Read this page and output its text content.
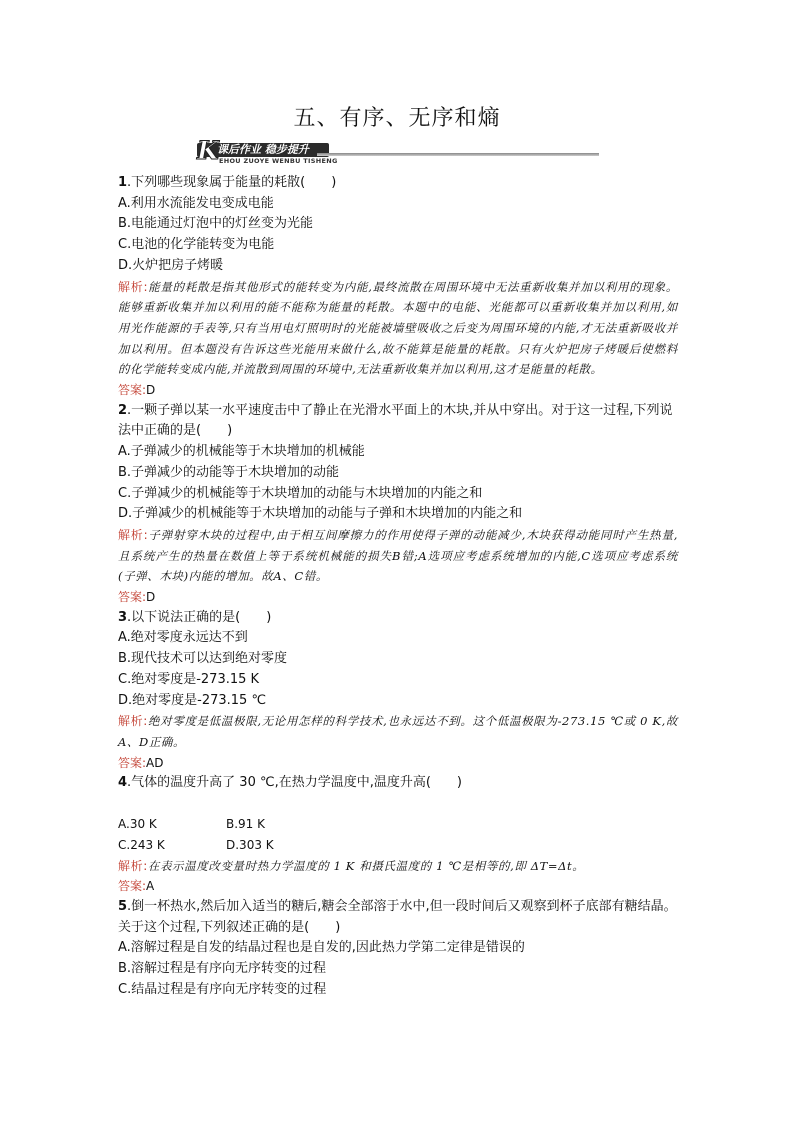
五、有序、无序和熵
K
课后作业 稳步提升
EHOU ZUOYE WENBU TISHENG

1.下列哪些现象属于能量的耗散(　　)

A.利用水流能发电变成电能

B.电能通过灯泡中的灯丝变为光能

C.电池的化学能转变为电能

D.火炉把房子烤暖

解析:能量的耗散是指其他形式的能转变为内能,最终流散在周围环境中无法重新收集并加以利用的现象。能够重新收集并加以利用的能不能称为能量的耗散。本题中的电能、光能都可以重新收集并加以利用,如用光作能源的手表等,只有当用电灯照明时的光能被墙壁吸收之后变为周围环境的内能,才无法重新吸收并加以利用。但本题没有告诉这些光能用来做什么,故不能算是能量的耗散。只有火炉把房子烤暖后使燃料的化学能转变成内能,并流散到周围的环境中,无法重新收集并加以利用,这才是能量的耗散。

答案:D

2.一颗子弹以某一水平速度击中了静止在光滑水平面上的木块,并从中穿出。对于这一过程,下列说法中正确的是(　　)

A.子弹减少的机械能等于木块增加的机械能

B.子弹减少的动能等于木块增加的动能

C.子弹减少的机械能等于木块增加的动能与木块增加的内能之和

D.子弹减少的机械能等于木块增加的动能与子弹和木块增加的内能之和

解析:子弹射穿木块的过程中,由于相互间摩擦力的作用使得子弹的动能减少,木块获得动能同时产生热量,且系统产生的热量在数值上等于系统机械能的损失B错;A选项应考虑系统增加的内能,C选项应考虑系统(子弹、木块)内能的增加。故A、C错。

答案:D

3.以下说法正确的是(　　)

A.绝对零度永远达不到

B.现代技术可以达到绝对零度

C.绝对零度是-273.15 K

D.绝对零度是-273.15 ℃

解析:绝对零度是低温极限,无论用怎样的科学技术,也永远达不到。这个低温极限为-273.15 ℃或 0 K,故A、D正确。

答案:AD

4.气体的温度升高了 30 ℃,在热力学温度中,温度升高(　　)

A.30 K	B.91 K
C.243 K	D.303 K

解析:在表示温度改变量时热力学温度的 1 K 和摄氏温度的 1 ℃是相等的,即 ΔT=Δt。

答案:A

5.倒一杯热水,然后加入适当的糖后,糖会全部溶于水中,但一段时间后又观察到杯子底部有糖结晶。关于这个过程,下列叙述正确的是(　　)

A.溶解过程是自发的结晶过程也是自发的,因此热力学第二定律是错误的

B.溶解过程是有序向无序转变的过程

C.结晶过程是有序向无序转变的过程
